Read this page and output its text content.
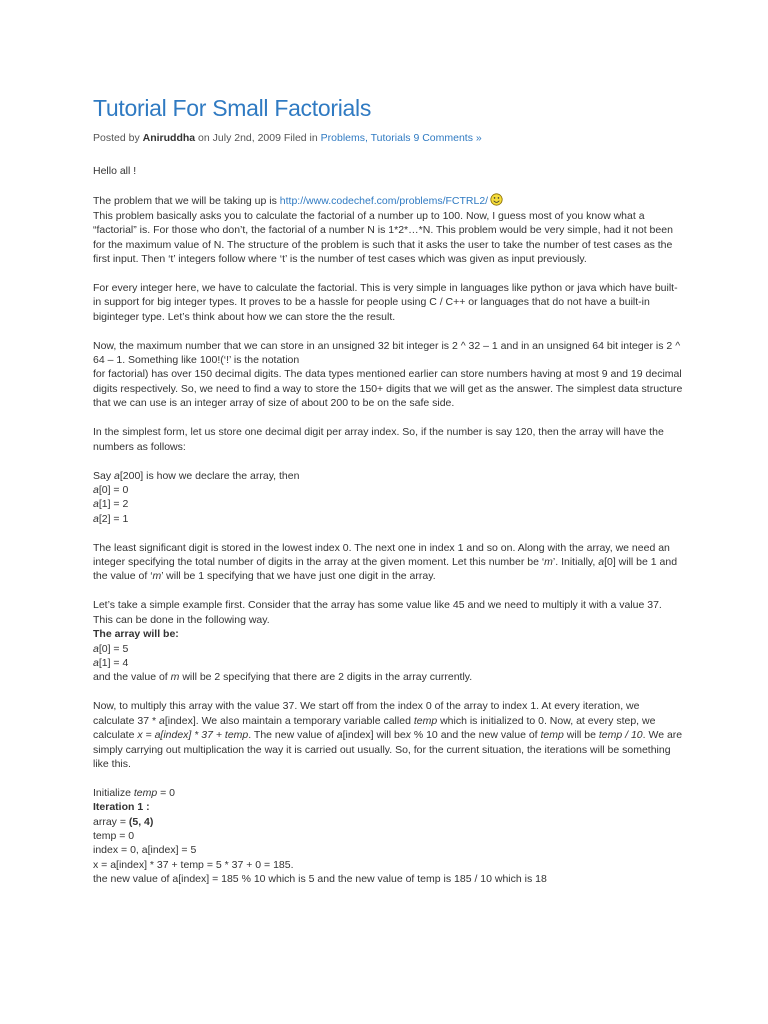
Tutorial For Small Factorials
Posted by Aniruddha on July 2nd, 2009 Filed in Problems, Tutorials 9 Comments »

Hello all !

The problem that we will be taking up is http://www.codechef.com/problems/FCTRL2/
This problem basically asks you to calculate the factorial of a number up to 100. Now, I guess most of you know what a “factorial” is. For those who don’t, the factorial of a number N is 1*2*…*N. This problem would be very simple, had it not been for the maximum value of N. The structure of the problem is such that it asks the user to take the number of test cases as the first input. Then ‘t’ integers follow where ‘t’ is the number of test cases which was given as input previously.

For every integer here, we have to calculate the factorial. This is very simple in languages like python or java which have built-in support for big integer types. It proves to be a hassle for people using C / C++ or languages that do not have a built-in biginteger type. Let’s think about how we can store the the result.

Now, the maximum number that we can store in an unsigned 32 bit integer is 2 ^ 32 – 1 and in an unsigned 64 bit integer is 2 ^ 64 – 1. Something like 100!(‘!’ is the notation
for factorial) has over 150 decimal digits. The data types mentioned earlier can store numbers having at most 9 and 19 decimal digits respectively. So, we need to find a way to store the 150+ digits that we will get as the answer. The simplest data structure that we can use is an integer array of size of about 200 to be on the safe side.

In the simplest form, let us store one decimal digit per array index. So, if the number is say 120, then the array will have the numbers as follows:

Say a[200] is how we declare the array, then
a[0] = 0
a[1] = 2
a[2] = 1

The least significant digit is stored in the lowest index 0. The next one in index 1 and so on. Along with the array, we need an integer specifying the total number of digits in the array at the given moment. Let this number be ‘m’. Initially, a[0] will be 1 and the value of ‘m’ will be 1 specifying that we have just one digit in the array.

Let’s take a simple example first. Consider that the array has some value like 45 and we need to multiply it with a value 37. This can be done in the following way.
The array will be:
a[0] = 5
a[1] = 4
and the value of m will be 2 specifying that there are 2 digits in the array currently.

Now, to multiply this array with the value 37. We start off from the index 0 of the array to index 1. At every iteration, we calculate 37 * a[index]. We also maintain a temporary variable called temp which is initialized to 0. Now, at every step, we calculate x = a[index] * 37 + temp. The new value of a[index] will bex % 10 and the new value of temp will be temp / 10. We are simply carrying out multiplication the way it is carried out usually. So, for the current situation, the iterations will be something like this.

Initialize temp = 0
Iteration 1 :
array = (5, 4)
temp = 0
index = 0, a[index] = 5
x = a[index] * 37 + temp = 5 * 37 + 0 = 185.
the new value of a[index] = 185 % 10 which is 5 and the new value of temp is 185 / 10 which is 18
